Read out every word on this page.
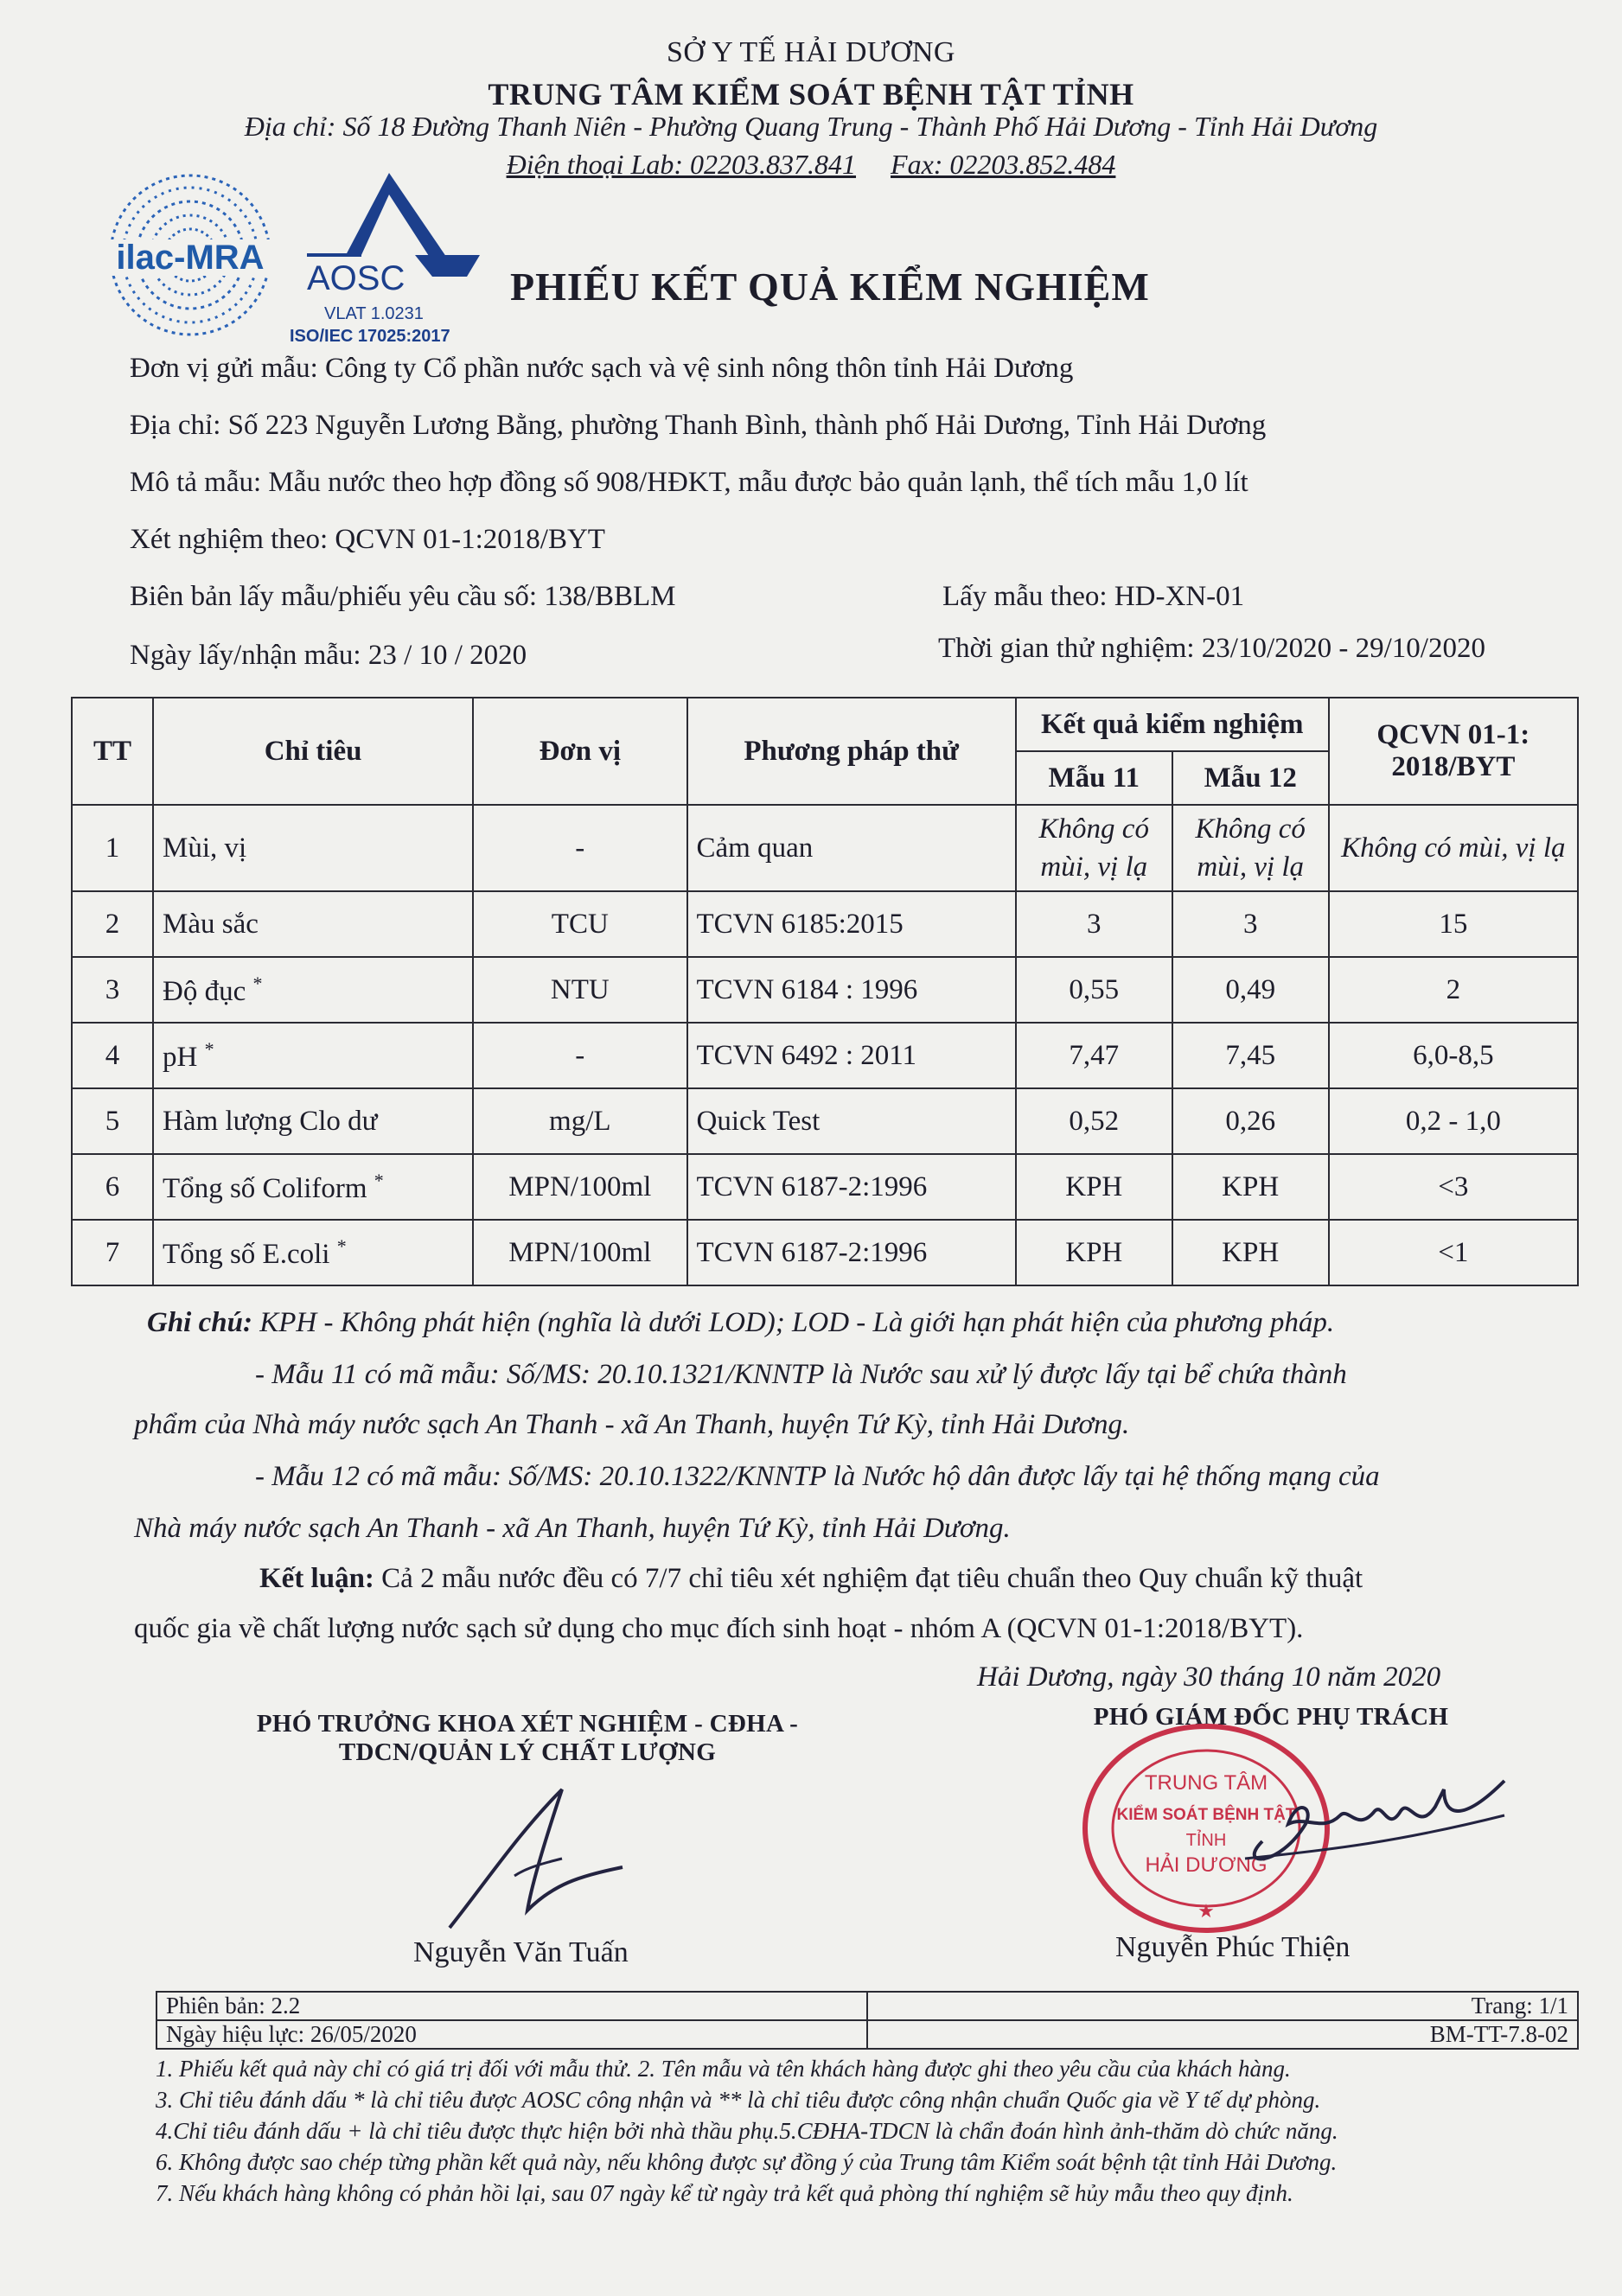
SỞ Y TẾ HẢI DƯƠNG
TRUNG TÂM KIỂM SOÁT BỆNH TẬT TỈNH
Địa chỉ: Số 18 Đường Thanh Niên - Phường Quang Trung - Thành Phố Hải Dương - Tỉnh Hải Dương
Điện thoại Lab: 02203.837.841 Fax: 02203.852.484
ilac-MRA
AOSC
VLAT 1.0231
ISO/IEC 17025:2017
PHIẾU KẾT QUẢ KIỂM NGHIỆM
Đơn vị gửi mẫu: Công ty Cổ phần nước sạch và vệ sinh nông thôn tỉnh Hải Dương
Địa chỉ: Số 223 Nguyễn Lương Bằng, phường Thanh Bình, thành phố Hải Dương, Tỉnh Hải Dương
Mô tả mẫu: Mẫu nước theo hợp đồng số 908/HĐKT, mẫu được bảo quản lạnh, thể tích mẫu 1,0 lít
Xét nghiệm theo: QCVN 01-1:2018/BYT
Biên bản lấy mẫu/phiếu yêu cầu số: 138/BBLM	Lấy mẫu theo: HD-XN-01
Ngày lấy/nhận mẫu: 23 / 10 / 2020	Thời gian thử nghiệm: 23/10/2020 - 29/10/2020
TT	Chỉ tiêu	Đơn vị	Phương pháp thử	Kết quả kiểm nghiệm		QCVN 01-1:
2018/BYT

				Mẫu 11	Mẫu 12	
1	Mùi, vị	-	Cảm quan	Không có mùi, vị lạ	Không có mùi, vị lạ	Không có mùi, vị lạ
2	Màu sắc	TCU	TCVN 6185:2015	3	3	15
3	Độ đục *	NTU	TCVN 6184 : 1996	0,55	0,49	2
4	pH *	-	TCVN 6492 : 2011	7,47	7,45	6,0-8,5
5	Hàm lượng Clo dư	mg/L	Quick Test	0,52	0,26	0,2 - 1,0
6	Tổng số Coliform *	MPN/100ml	TCVN 6187-2:1996	KPH	KPH	<3
7	Tổng số E.coli *	MPN/100ml	TCVN 6187-2:1996	KPH	KPH	<1
Ghi chú: KPH - Không phát hiện (nghĩa là dưới LOD); LOD - Là giới hạn phát hiện của phương pháp.
- Mẫu 11 có mã mẫu: Số/MS: 20.10.1321/KNNTP là Nước sau xử lý được lấy tại bể chứa thành
phẩm của Nhà máy nước sạch An Thanh - xã An Thanh, huyện Tứ Kỳ, tỉnh Hải Dương.
- Mẫu 12 có mã mẫu: Số/MS: 20.10.1322/KNNTP là Nước hộ dân được lấy tại hệ thống mạng của
Nhà máy nước sạch An Thanh - xã An Thanh, huyện Tứ Kỳ, tỉnh Hải Dương.
Kết luận: Cả 2 mẫu nước đều có 7/7 chỉ tiêu xét nghiệm đạt tiêu chuẩn theo Quy chuẩn kỹ thuật
quốc gia về chất lượng nước sạch sử dụng cho mục đích sinh hoạt - nhóm A (QCVN 01-1:2018/BYT).
Hải Dương, ngày 30 tháng 10 năm 2020
PHÓ TRƯỞNG KHOA XÉT NGHIỆM - CĐHA -
TDCN/QUẢN LÝ CHẤT LƯỢNG
PHÓ GIÁM ĐỐC PHỤ TRÁCH
TRUNG TÂM
KIỂM SOÁT BỆNH TẬT
TỈNH
HẢI DƯƠNG
★
Nguyễn Văn Tuấn	Nguyễn Phúc Thiện
Phiên bản: 2.2	Trang: 1/1
Ngày hiệu lực: 26/05/2020	BM-TT-7.8-02
1. Phiếu kết quả này chỉ có giá trị đối với mẫu thử. 2. Tên mẫu và tên khách hàng được ghi theo yêu cầu của khách hàng.
3. Chỉ tiêu đánh dấu * là chỉ tiêu được AOSC công nhận và ** là chỉ tiêu được công nhận chuẩn Quốc gia về Y tế dự phòng.
4.Chỉ tiêu đánh dấu + là chỉ tiêu được thực hiện bởi nhà thầu phụ.5.CĐHA-TDCN là chẩn đoán hình ảnh-thăm dò chức năng.
6. Không được sao chép từng phần kết quả này, nếu không được sự đồng ý của Trung tâm Kiểm soát bệnh tật tỉnh Hải Dương.
7. Nếu khách hàng không có phản hồi lại, sau 07 ngày kể từ ngày trả kết quả phòng thí nghiệm sẽ hủy mẫu theo quy định.
